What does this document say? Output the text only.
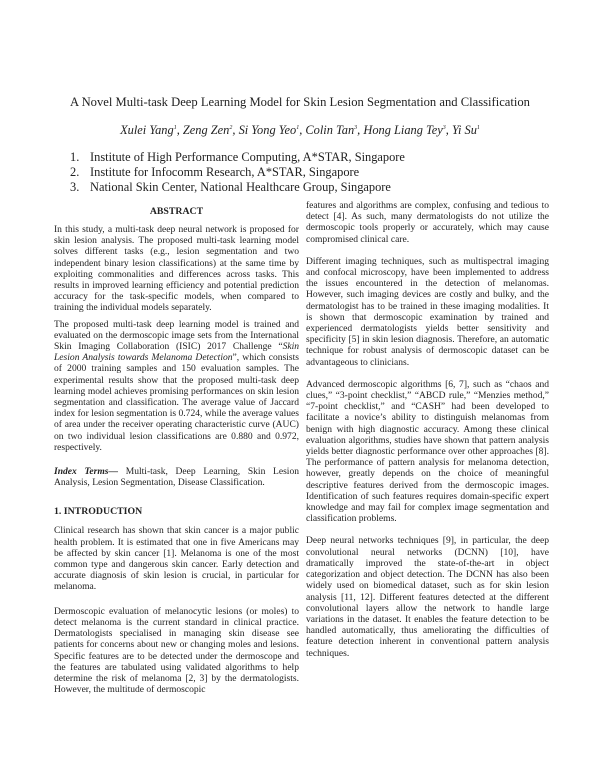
A Novel Multi-task Deep Learning Model for Skin Lesion Segmentation and Classification
Xulei Yang$^1$, Zeng Zen$^2$, Si Yong Yeo$^1$, Colin Tan$^3$, Hong Liang Tey$^3$, Yi Su$^1$
1. Institute of High Performance Computing, A*STAR, Singapore
2. Institute for Infocomm Research, A*STAR, Singapore
3. National Skin Center, National Healthcare Group, Singapore
ABSTRACT

In this study, a multi-task deep neural network is proposed for skin lesion analysis. The proposed multi-task learning model solves different tasks (e.g., lesion segmentation and two independent binary lesion classifications) at the same time by exploiting commonalities and differences across tasks. This results in improved learning efficiency and potential prediction accuracy for the task-specific models, when compared to training the individual models separately.

The proposed multi-task deep learning model is trained and evaluated on the dermoscopic image sets from the International Skin Imaging Collaboration (ISIC) 2017 Challenge “Skin Lesion Analysis towards Melanoma Detection”, which consists of 2000 training samples and 150 evaluation samples. The experimental results show that the proposed multi-task deep learning model achieves promising performances on skin lesion segmentation and classification. The average value of Jaccard index for lesion segmentation is 0.724, while the average values of area under the receiver operating characteristic curve (AUC) on two individual lesion classifications are 0.880 and 0.972, respectively.

Index Terms— Multi-task, Deep Learning, Skin Lesion Analysis, Lesion Segmentation, Disease Classification.

1. INTRODUCTION

Clinical research has shown that skin cancer is a major public health problem. It is estimated that one in five Americans may be affected by skin cancer [1]. Melanoma is one of the most common type and dangerous skin cancer. Early detection and accurate diagnosis of skin lesion is crucial, in particular for melanoma.

Dermoscopic evaluation of melanocytic lesions (or moles) to detect melanoma is the current standard in clinical practice. Dermatologists specialised in managing skin disease see patients for concerns about new or changing moles and lesions. Specific features are to be detected under the dermoscope and the features are tabulated using validated algorithms to help determine the risk of melanoma [2, 3] by the dermatologists. However, the multitude of dermoscopic

features and algorithms are complex, confusing and tedious to detect [4]. As such, many dermatologists do not utilize the dermoscopic tools properly or accurately, which may cause compromised clinical care.

Different imaging techniques, such as multispectral imaging and confocal microscopy, have been implemented to address the issues encountered in the detection of melanomas. However, such imaging devices are costly and bulky, and the dermatologist has to be trained in these imaging modalities. It is shown that dermoscopic examination by trained and experienced dermatologists yields better sensitivity and specificity [5] in skin lesion diagnosis. Therefore, an automatic technique for robust analysis of dermoscopic dataset can be advantageous to clinicians.

Advanced dermoscopic algorithms [6, 7], such as “chaos and clues,” “3-point checklist,” “ABCD rule,” “Menzies method,” “7-point checklist,” and “CASH” had been developed to facilitate a novice’s ability to distinguish melanomas from benign with high diagnostic accuracy. Among these clinical evaluation algorithms, studies have shown that pattern analysis yields better diagnostic performance over other approaches [8]. The performance of pattern analysis for melanoma detection, however, greatly depends on the choice of meaningful descriptive features derived from the dermoscopic images. Identification of such features requires domain-specific expert knowledge and may fail for complex image segmentation and classification problems.

Deep neural networks techniques [9], in particular, the deep convolutional neural networks (DCNN) [10], have dramatically improved the state-of-the-art in object categorization and object detection. The DCNN has also been widely used on biomedical dataset, such as for skin lesion analysis [11, 12]. Different features detected at the different convolutional layers allow the network to handle large variations in the dataset. It enables the feature detection to be handled automatically, thus ameliorating the difficulties of feature detection inherent in conventional pattern analysis techniques.
